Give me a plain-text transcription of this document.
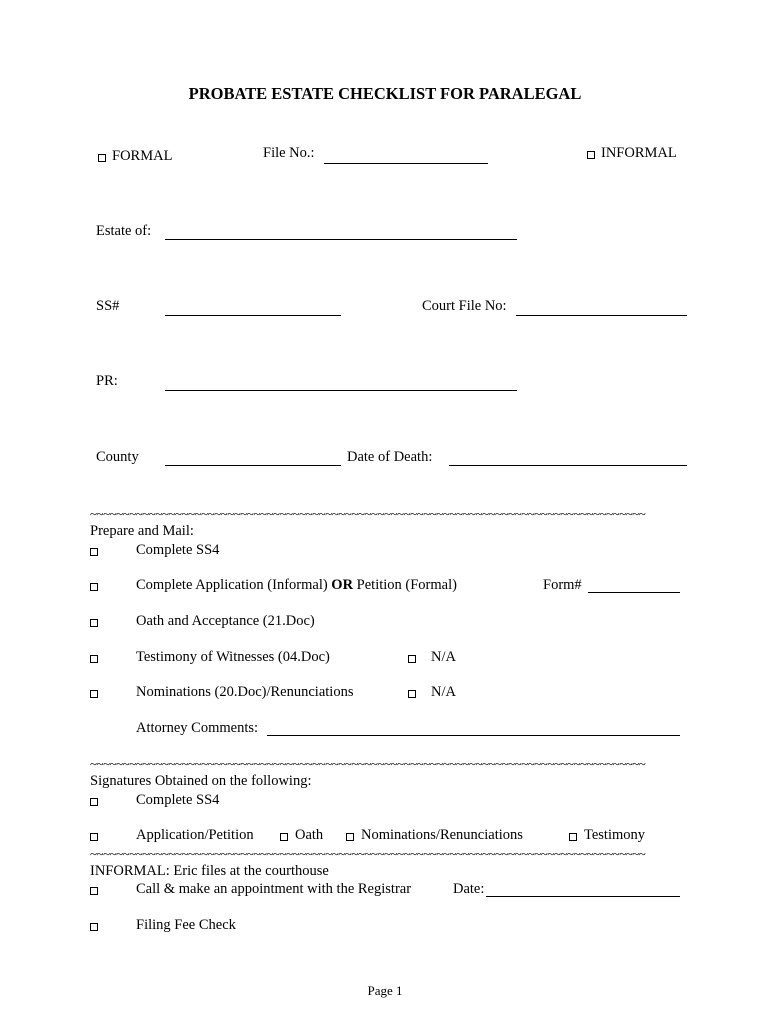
PROBATE ESTATE CHECKLIST FOR PARALEGAL
FORMAL	File No.:	INFORMAL
Estate of:
SS#	Court File No:
PR:
County	Date of Death:
~~~~~~~~~~~~~~~~~~~~~~~~~~~~~~~~~~~~~~~~~~~~~~~~~~~~~~~~~~~~~~~~~~~~~~~~~~~~~~~~~~~~~
Prepare and Mail:
Complete SS4
Complete Application (Informal) OR Petition (Formal)	Form#
Oath and Acceptance (21.Doc)
Testimony of Witnesses (04.Doc)	N/A
Nominations (20.Doc)/Renunciations	N/A
Attorney Comments:
~~~~~~~~~~~~~~~~~~~~~~~~~~~~~~~~~~~~~~~~~~~~~~~~~~~~~~~~~~~~~~~~~~~~~~~~~~~~~~~~~~~~~
Signatures Obtained on the following:
Complete SS4
Application/Petition	Oath	Nominations/Renunciations	Testimony
~~~~~~~~~~~~~~~~~~~~~~~~~~~~~~~~~~~~~~~~~~~~~~~~~~~~~~~~~~~~~~~~~~~~~~~~~~~~~~~~~~~~~
INFORMAL: Eric files at the courthouse
Call & make an appointment with the Registrar	Date:
Filing Fee Check
Page 1
